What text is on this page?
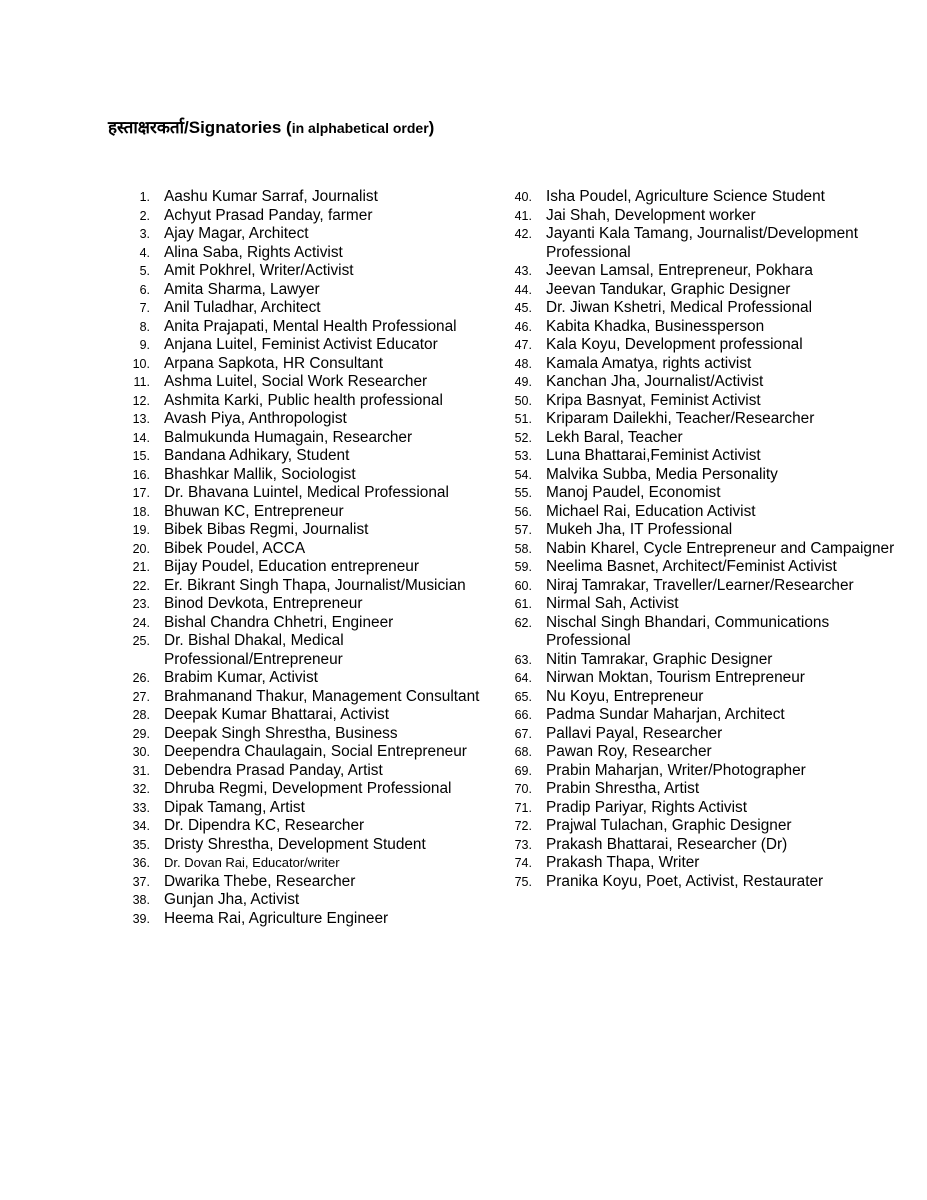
हस्ताक्षरकर्ता/Signatories (in alphabetical order)
1. Aashu Kumar Sarraf, Journalist
2. Achyut Prasad Panday, farmer
3. Ajay Magar, Architect
4. Alina Saba, Rights Activist
5. Amit Pokhrel, Writer/Activist
6. Amita Sharma, Lawyer
7. Anil Tuladhar, Architect
8. Anita Prajapati, Mental Health Professional
9. Anjana Luitel, Feminist Activist Educator
10. Arpana Sapkota, HR Consultant
11. Ashma Luitel, Social Work Researcher
12. Ashmita Karki, Public health professional
13. Avash Piya, Anthropologist
14. Balmukunda Humagain, Researcher
15. Bandana Adhikary, Student
16. Bhashkar Mallik, Sociologist
17. Dr. Bhavana Luintel, Medical Professional
18. Bhuwan KC, Entrepreneur
19. Bibek Bibas Regmi, Journalist
20. Bibek Poudel, ACCA
21. Bijay Poudel, Education entrepreneur
22. Er. Bikrant Singh Thapa, Journalist/Musician
23. Binod Devkota, Entrepreneur
24. Bishal Chandra Chhetri, Engineer
25. Dr. Bishal Dhakal, Medical Professional/Entrepreneur
26. Brabim Kumar, Activist
27. Brahmanand Thakur, Management Consultant
28. Deepak Kumar Bhattarai, Activist
29. Deepak Singh Shrestha, Business
30. Deependra Chaulagain, Social Entrepreneur
31. Debendra Prasad Panday, Artist
32. Dhruba Regmi, Development Professional
33. Dipak Tamang, Artist
34. Dr. Dipendra KC, Researcher
35. Dristy Shrestha, Development Student
36. Dr. Dovan Rai, Educator/writer
37. Dwarika Thebe, Researcher
38. Gunjan Jha, Activist
39. Heema Rai, Agriculture Engineer
40. Isha Poudel, Agriculture Science Student
41. Jai Shah, Development worker
42. Jayanti Kala Tamang, Journalist/Development Professional
43. Jeevan Lamsal, Entrepreneur, Pokhara
44. Jeevan Tandukar, Graphic Designer
45. Dr. Jiwan Kshetri, Medical Professional
46. Kabita Khadka, Businessperson
47. Kala Koyu, Development professional
48. Kamala Amatya, rights activist
49. Kanchan Jha, Journalist/Activist
50. Kripa Basnyat, Feminist Activist
51. Kriparam Dailekhi, Teacher/Researcher
52. Lekh Baral, Teacher
53. Luna Bhattarai,Feminist Activist
54. Malvika Subba, Media Personality
55. Manoj Paudel, Economist
56. Michael Rai, Education Activist
57. Mukeh Jha, IT Professional
58. Nabin Kharel, Cycle Entrepreneur and Campaigner
59. Neelima Basnet, Architect/Feminist Activist
60. Niraj Tamrakar, Traveller/Learner/Researcher
61. Nirmal Sah, Activist
62. Nischal Singh Bhandari, Communications Professional
63. Nitin Tamrakar, Graphic Designer
64. Nirwan Moktan, Tourism Entrepreneur
65. Nu Koyu, Entrepreneur
66. Padma Sundar Maharjan, Architect
67. Pallavi Payal, Researcher
68. Pawan Roy, Researcher
69. Prabin Maharjan, Writer/Photographer
70. Prabin Shrestha, Artist
71. Pradip Pariyar, Rights Activist
72. Prajwal Tulachan, Graphic Designer
73. Prakash Bhattarai, Researcher (Dr)
74. Prakash Thapa, Writer
75. Pranika Koyu, Poet, Activist, Restaurater
